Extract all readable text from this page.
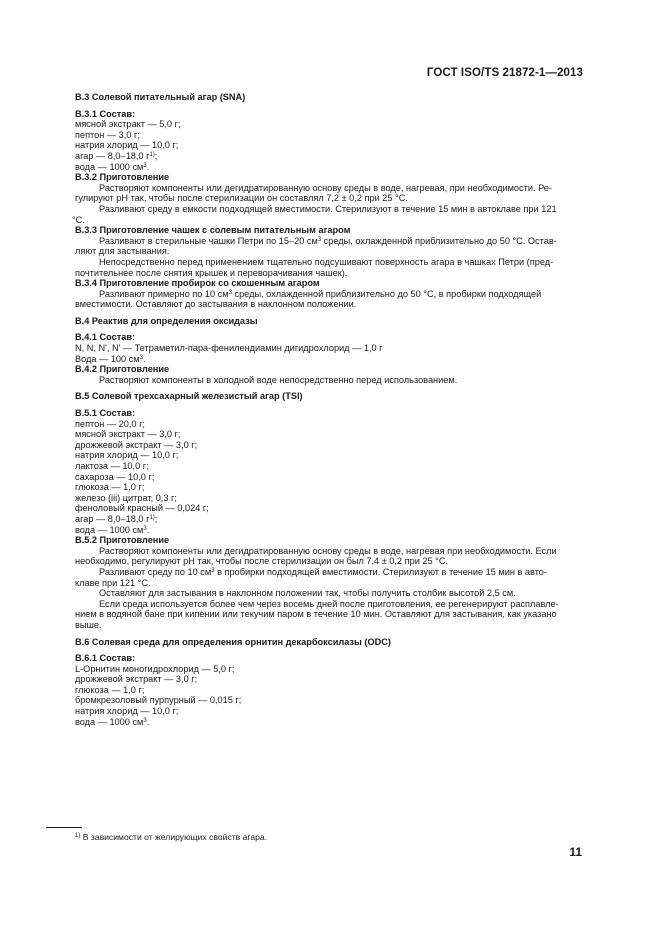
ГОСТ ISO/TS 21872-1—2013
B.3 Солевой питательный агар (SNA)
B.3.1 Состав:
мясной экстракт — 5,0 г;
пептон — 3,0 г;
натрия хлорид — 10,0 г;
агар — 8,0–18,0 $г^{1)}$;
вода — 1000 $см^3$.
B.3.2 Приготовление
Растворяют компоненты или дегидратированную основу среды в воде, нагревая, при необходимости. Ре-
гулируют pH так, чтобы после стерилизации он составлял 7,2 ± 0,2 при 25 °С.
Разливают среду в емкости подходящей вместимости. Стерилизуют в течение 15 мин в автоклаве при 121
°С.
B.3.3 Приготовление чашек с солевым питательным агаром
Разливают в стерильные чашки Петри по 15–20 $см^3$ среды, охлажденной приблизительно до 50 °С. Остав-
ляют для застывания.
Непосредственно перед применением тщательно подсушивают поверхность агара в чашках Петри (пред-
почтительнее после снятия крышек и переворачивания чашек).
B.3.4 Приготовление пробирок со скошенным агаром
Разливают примерно по 10 $см^3$ среды, охлажденной приблизительно до 50 °С, в пробирки подходящей
вместимости. Оставляют до застывания в наклонном положении.
B.4 Реактив для определения оксидазы
B.4.1 Состав:
N, N, N', N' — Тетраметил-пара-фенилендиамин дигидрохлорид — 1,0 г
Вода — 100 $см^3$.
B.4.2 Приготовление
Растворяют компоненты в холодной воде непосредственно перед использованием.
B.5 Солевой трехсахарный железистый агар (TSI)
B.5.1 Состав:
пептон — 20,0 г;
мясной экстракт — 3,0 г;
дрожжевой экстракт — 3,0 г;
натрия хлорид — 10,0 г;
лактоза — 10,0 г;
сахароза — 10,0 г;
глюкоза — 1,0 г;
железо (iii) цитрат, 0,3 г;
феноловый красный — 0,024 г;
агар — 8,0–18,0 $г^{1)}$;
вода — 1000 $см^3$.
B.5.2 Приготовление
Растворяют компоненты или дегидратированную основу среды в воде, нагревая при необходимости. Если
необходимо, регулируют pH так, чтобы после стерилизации он был 7,4 ± 0,2 при 25 °С.
Разливают среду по 10 $см^3$ в пробирки подходящей вместимости. Стерилизуют в течение 15 мин в авто-
клаве при 121 °С.
Оставляют для застывания в наклонном положении так, чтобы получить столбик высотой 2,5 см.
Если среда используется более чем через восемь дней после приготовления, ее регенерируют расплавле-
нием в водяной бане при кипении или текучим паром в течение 10 мин. Оставляют для застывания, как указано
выше.
B.6 Солевая среда для определения орнитин декарбоксилазы (ODC)
B.6.1 Состав:
L-Орнитин моногидрохлорид — 5,0 г;
дрожжевой экстракт — 3,0 г;
глюкоза — 1,0 г;
бромкрезоловый пурпурный — 0,015 г;
натрия хлорид — 10,0 г;
вода — 1000 $см^3$.
$^{1)}$ В зависимости от желирующих свойств агара.
11
